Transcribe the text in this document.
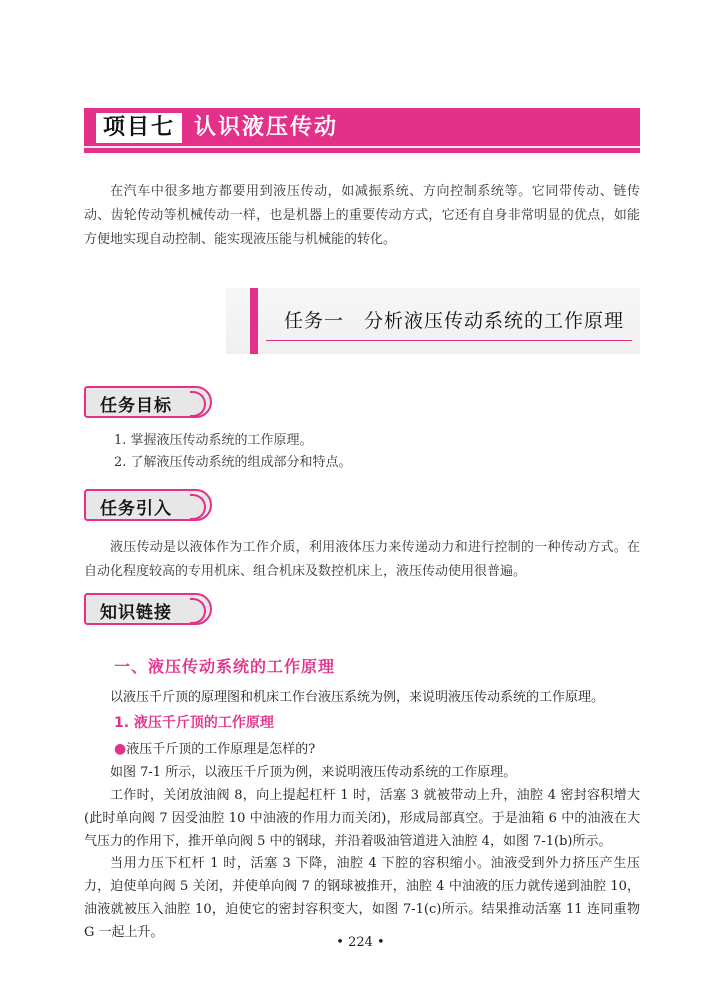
项目七 认识液压传动
在汽车中很多地方都要用到液压传动，如减振系统、方向控制系统等。它同带传动、链传动、齿轮传动等机械传动一样，也是机器上的重要传动方式，它还有自身非常明显的优点，如能方便地实现自动控制、能实现液压能与机械能的转化。
任务一　分析液压传动系统的工作原理
任务目标
1. 掌握液压传动系统的工作原理。
2. 了解液压传动系统的组成部分和特点。
任务引入
液压传动是以液体作为工作介质，利用液体压力来传递动力和进行控制的一种传动方式。在自动化程度较高的专用机床、组合机床及数控机床上，液压传动使用很普遍。
知识链接
一、液压传动系统的工作原理
以液压千斤顶的原理图和机床工作台液压系统为例，来说明液压传动系统的工作原理。
1. 液压千斤顶的工作原理
●液压千斤顶的工作原理是怎样的?
如图 7-1 所示，以液压千斤顶为例，来说明液压传动系统的工作原理。
工作时，关闭放油阀 8，向上提起杠杆 1 时，活塞 3 就被带动上升，油腔 4 密封容积增大(此时单向阀 7 因受油腔 10 中油液的作用力而关闭)，形成局部真空。于是油箱 6 中的油液在大气压力的作用下，推开单向阀 5 中的钢球，并沿着吸油管道进入油腔 4，如图 7-1(b)所示。
当用力压下杠杆 1 时，活塞 3 下降，油腔 4 下腔的容积缩小。油液受到外力挤压产生压力，迫使单向阀 5 关闭，并使单向阀 7 的钢球被推开，油腔 4 中油液的压力就传递到油腔 10，油液就被压入油腔 10，迫使它的密封容积变大，如图 7-1(c)所示。结果推动活塞 11 连同重物 G 一起上升。
• 224 •
